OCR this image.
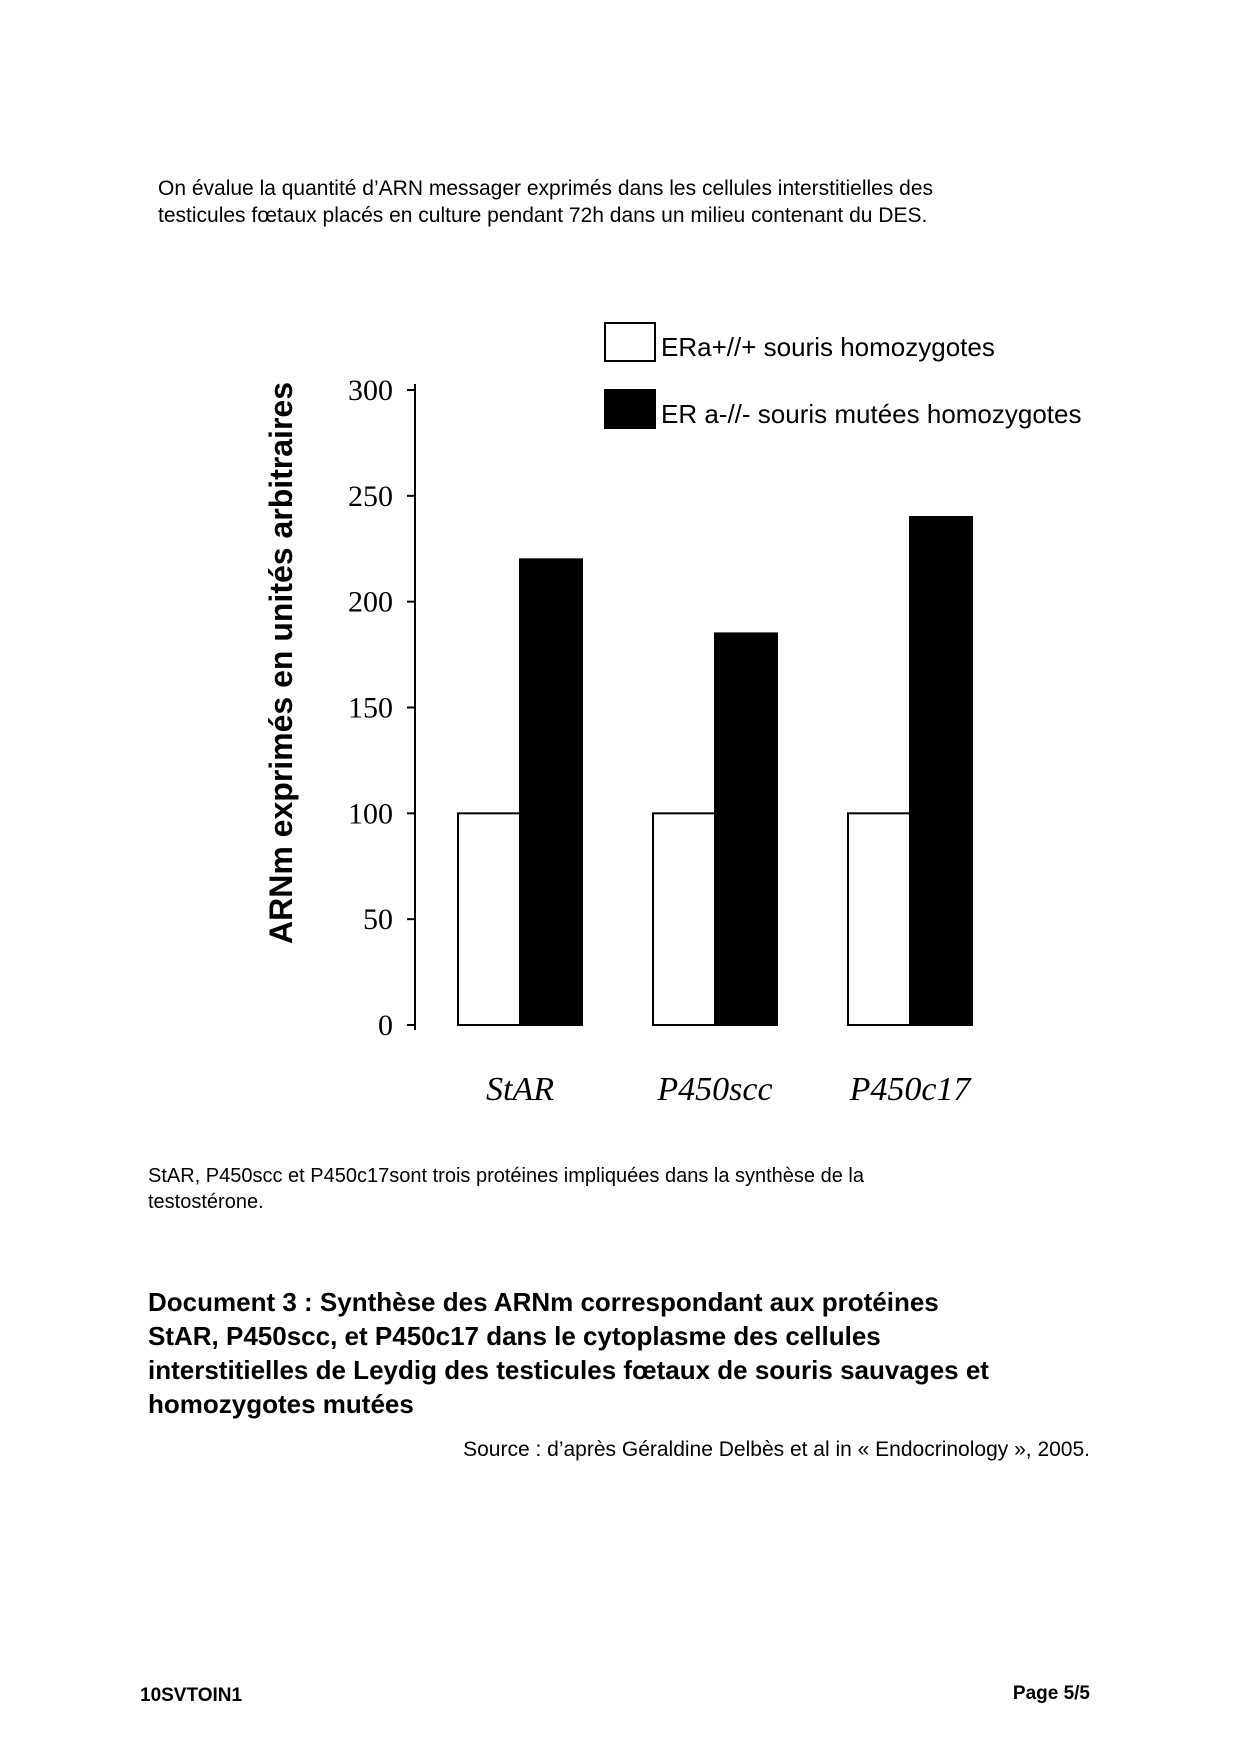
On évalue la quantité d’ARN messager exprimés dans les cellules interstitielles des

testicules fœtaux placés en culture pendant 72h dans un milieu contenant du DES.

0
50
100
150
200
250
300
StAR	P450scc P450c17
ERa+//+ souris homozygotes
ER a-//- souris mutées homozygotes
ARNm exprimés en unités arbitraires
StAR, P450scc et P450c17sont trois protéines impliquées dans la synthèse de la
testostérone.
Document 3 : Synthèse des ARNm correspondant aux protéines
StAR, P450scc, et P450c17 dans le cytoplasme des cellules
interstitielles de Leydig des testicules fœtaux de souris sauvages et
homozygotes mutées
Source : d’après Géraldine Delbès et al in « Endocrinology », 2005.
10SVTOIN1	Page 5/5
